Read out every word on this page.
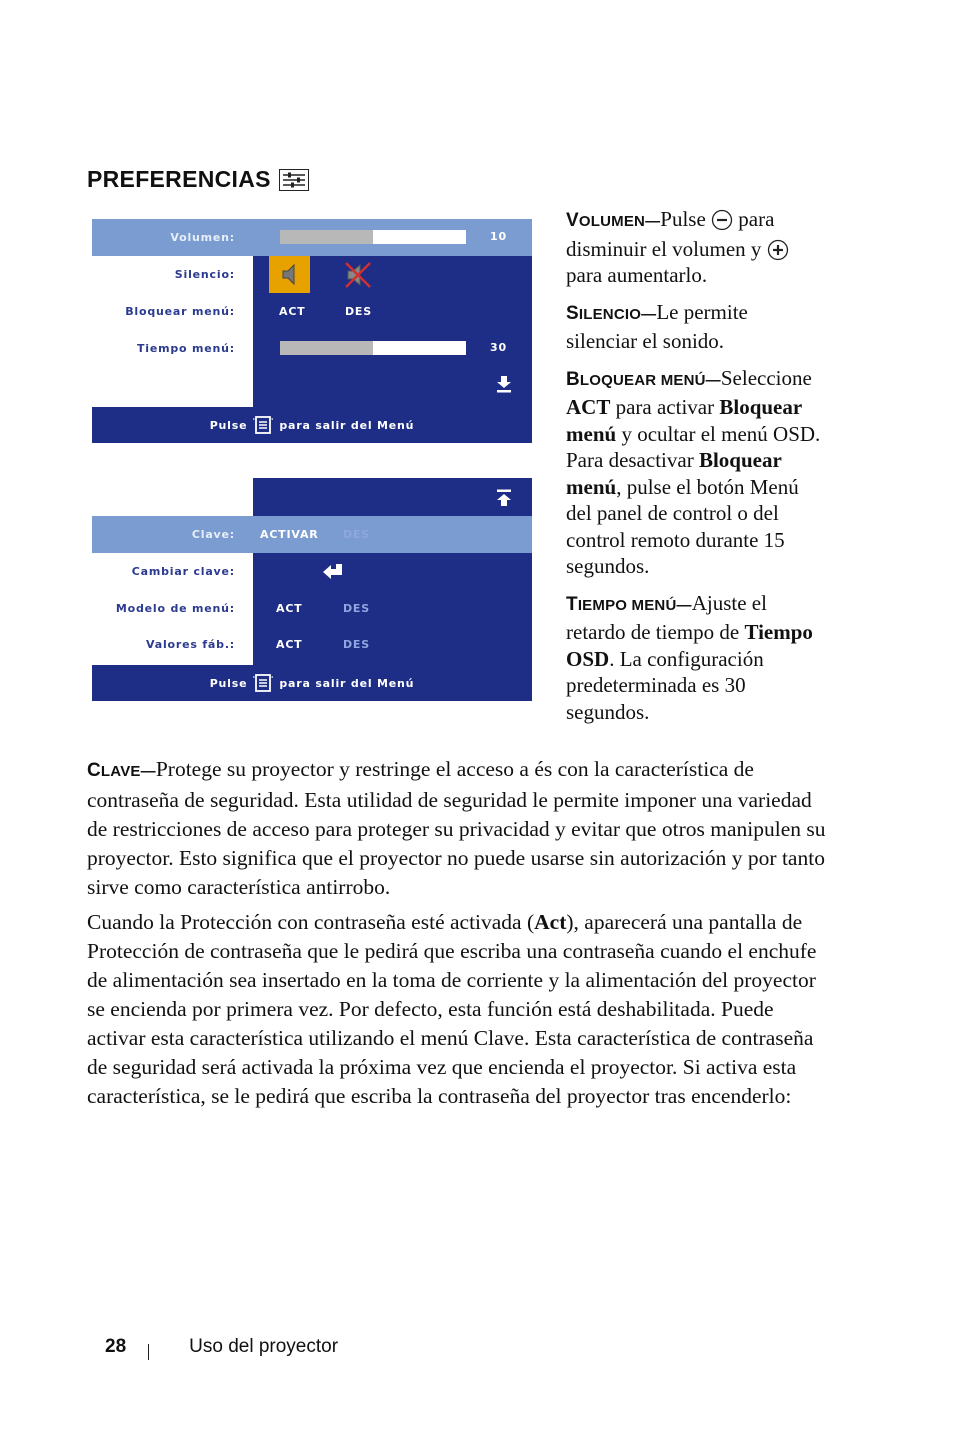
PREFERENCIAS
Volumen:	10
Silencio:
Bloquear menú:	ACT	DES
Tiempo menú:	30
Pulse	para salir del Menú
Clave: ACTIVAR DES
Cambiar clave:
Modelo de menú:	ACT	DES
Valores fáb.:	ACT	DES
Pulse	para salir del Menú

VOLUMEN—Pulse para disminuir el volumen y  para aumentarlo.

SILENCIO—Le permite silenciar el sonido.

BLOQUEAR MENÚ—Seleccione ACT para activar Bloquear menú y ocultar el menú OSD. Para desactivar Bloquear menú, pulse el botón Menú del panel de control o del control remoto durante 15 segundos.

TIEMPO MENÚ—Ajuste el retardo de tiempo de Tiempo OSD. La configuración predeterminada es 30 segundos.

CLAVE—Protege su proyector y restringe el acceso a és con la característica de contraseña de seguridad. Esta utilidad de seguridad le permite imponer una variedad de restricciones de acceso para proteger su privacidad y evitar que otros manipulen su proyector. Esto significa que el proyector no puede usarse sin autorización y por tanto sirve como característica antirrobo.
Cuando la Protección con contraseña esté activada (Act), aparecerá una pantalla de Protección de contraseña que le pedirá que escriba una contraseña cuando el enchufe de alimentación sea insertado en la toma de corriente y la alimentación del proyector se encienda por primera vez. Por defecto, esta función está deshabilitada. Puede activar esta característica utilizando el menú Clave. Esta característica de contraseña de seguridad será activada la próxima vez que encienda el proyector. Si activa esta característica, se le pedirá que escriba la contraseña del proyector tras encenderlo:
28	Uso del proyector
